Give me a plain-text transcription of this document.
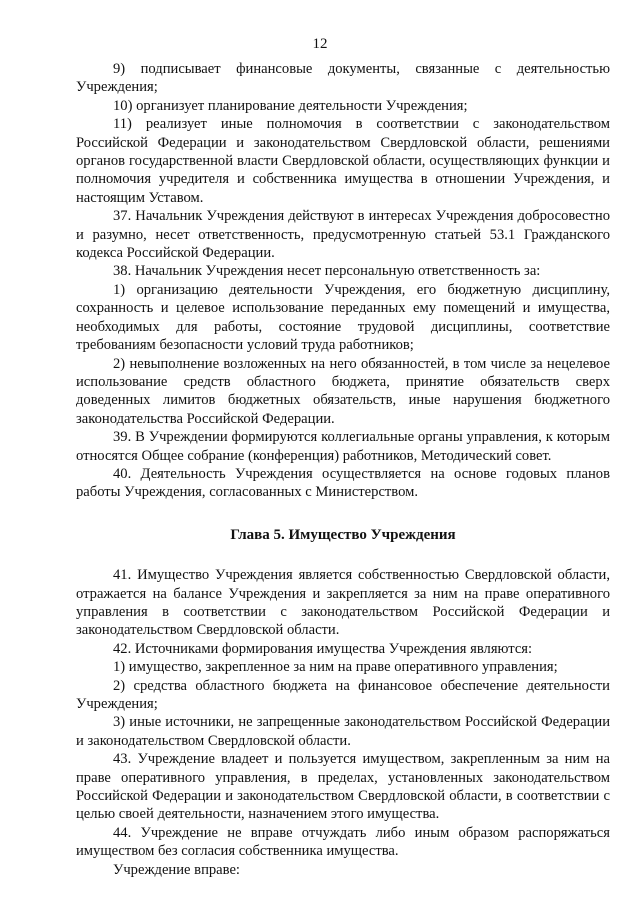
12

9) подписывает финансовые документы, связанные с деятельностью Учреждения;

10) организует планирование деятельности Учреждения;

11) реализует иные полномочия в соответствии с законодательством Российской Федерации и законодательством Свердловской области, решениями органов государственной власти Свердловской области, осуществляющих функции и полномочия учредителя и собственника имущества в отношении Учреждения, и настоящим Уставом.

37. Начальник Учреждения действуют в интересах Учреждения добросовестно и разумно, несет ответственность, предусмотренную статьей 53.1 Гражданского кодекса Российской Федерации.

38. Начальник Учреждения несет персональную ответственность за:

1) организацию деятельности Учреждения, его бюджетную дисциплину, сохранность и целевое использование переданных ему помещений и имущества, необходимых для работы, состояние трудовой дисциплины, соответствие требованиям безопасности условий труда работников;

2) невыполнение возложенных на него обязанностей, в том числе за нецелевое использование средств областного бюджета, принятие обязательств сверх доведенных лимитов бюджетных обязательств, иные нарушения бюджетного законодательства Российской Федерации.

39. В Учреждении формируются коллегиальные органы управления, к которым относятся Общее собрание (конференция) работников, Методический совет.

40. Деятельность Учреждения осуществляется на основе годовых планов работы Учреждения, согласованных с Министерством.

Глава 5. Имущество Учреждения

41. Имущество Учреждения является собственностью Свердловской области, отражается на балансе Учреждения и закрепляется за ним на праве оперативного управления в соответствии с законодательством Российской Федерации и законодательством Свердловской области.

42. Источниками формирования имущества Учреждения являются:

1) имущество, закрепленное за ним на праве оперативного управления;

2) средства областного бюджета на финансовое обеспечение деятельности Учреждения;

3) иные источники, не запрещенные законодательством Российской Федерации и законодательством Свердловской области.

43. Учреждение владеет и пользуется имуществом, закрепленным за ним на праве оперативного управления, в пределах, установленных законодательством Российской Федерации и законодательством Свердловской области, в соответствии с целью своей деятельности, назначением этого имущества.

44. Учреждение не вправе отчуждать либо иным образом распоряжаться имуществом без согласия собственника имущества.

Учреждение вправе:
